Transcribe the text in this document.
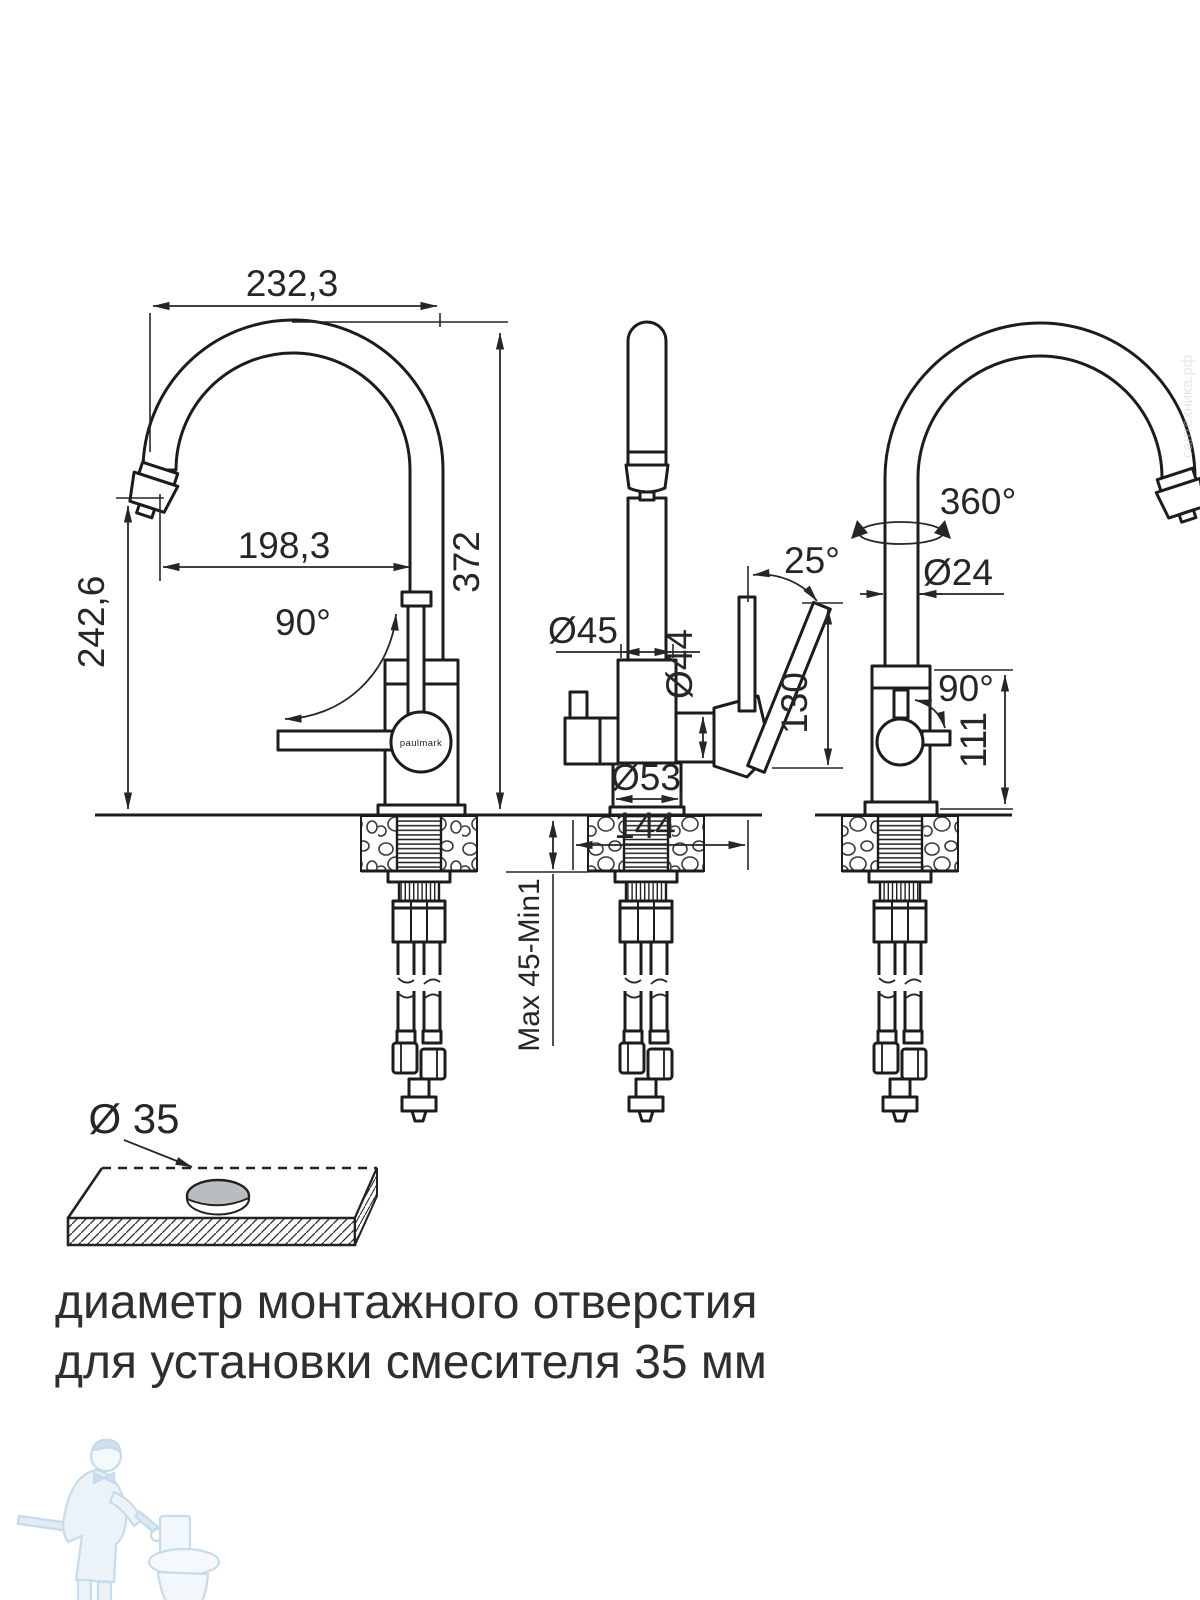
paulmark
232,3
372
198,3
242,6	90°	Ø45 Ø44
25°
130
Ø53
144
Max 45-Min1
360°
Ø24
90°
111
Ø 35
диаметр монтажного отверстия
для установки смесителя 35 мм
сантехника.рф
